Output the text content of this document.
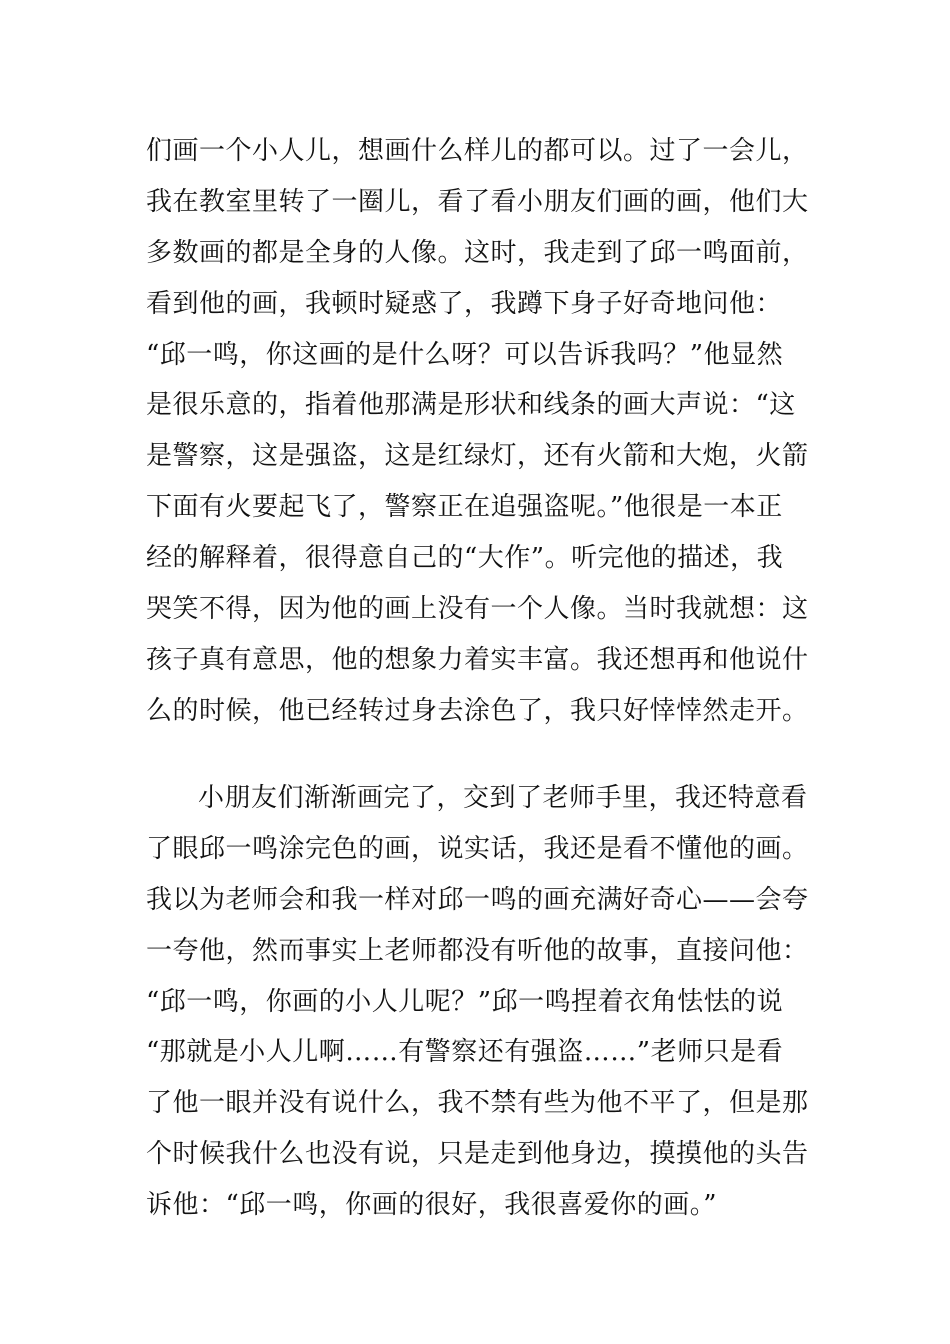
们画一个小人儿，想画什么样儿的都可以。过了一会儿，
我在教室里转了一圈儿，看了看小朋友们画的画，他们大
多数画的都是全身的人像。这时，我走到了邱一鸣面前，
看到他的画，我顿时疑惑了，我蹲下身子好奇地问他：
“邱一鸣，你这画的是什么呀？可以告诉我吗？”他显然
是很乐意的，指着他那满是形状和线条的画大声说：“这
是警察，这是强盗，这是红绿灯，还有火箭和大炮，火箭
下面有火要起飞了，警察正在追强盗呢。”他很是一本正
经的解释着，很得意自己的“大作”。听完他的描述，我
哭笑不得，因为他的画上没有一个人像。当时我就想：这
孩子真有意思，他的想象力着实丰富。我还想再和他说什
么的时候，他已经转过身去涂色了，我只好悻悻然走开。
小朋友们渐渐画完了，交到了老师手里，我还特意看
了眼邱一鸣涂完色的画，说实话，我还是看不懂他的画。
我以为老师会和我一样对邱一鸣的画充满好奇心——会夸
一夸他，然而事实上老师都没有听他的故事，直接问他：
“邱一鸣，你画的小人儿呢？”邱一鸣捏着衣角怯怯的说
“那就是小人儿啊……有警察还有强盗……”老师只是看
了他一眼并没有说什么，我不禁有些为他不平了，但是那
个时候我什么也没有说，只是走到他身边，摸摸他的头告
诉他：“邱一鸣，你画的很好，我很喜爱你的画。”
